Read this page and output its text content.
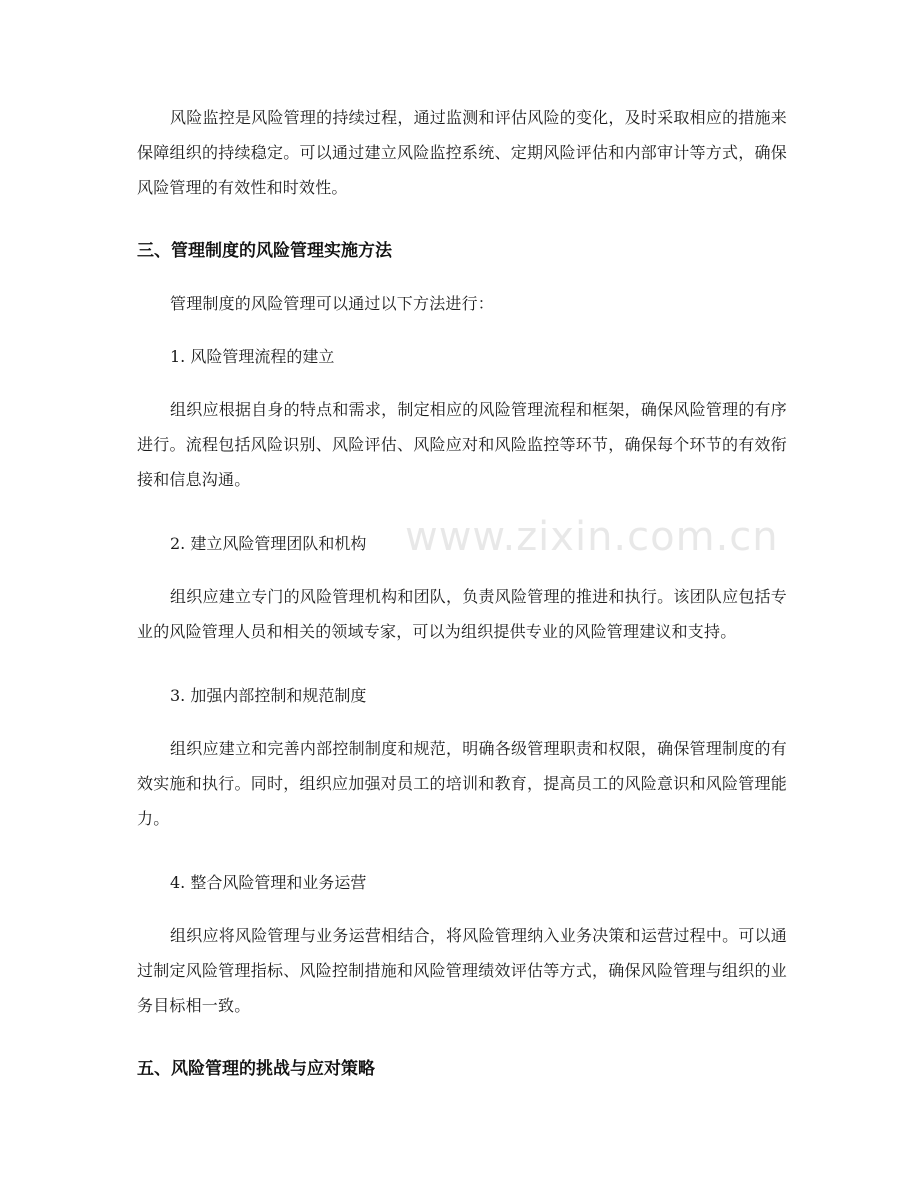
风险监控是风险管理的持续过程，通过监测和评估风险的变化，及时采取相应的措施来保障组织的持续稳定。可以通过建立风险监控系统、定期风险评估和内部审计等方式，确保风险管理的有效性和时效性。

三、管理制度的风险管理实施方法

管理制度的风险管理可以通过以下方法进行：

1. 风险管理流程的建立

组织应根据自身的特点和需求，制定相应的风险管理流程和框架，确保风险管理的有序进行。流程包括风险识别、风险评估、风险应对和风险监控等环节，确保每个环节的有效衔接和信息沟通。

2. 建立风险管理团队和机构

组织应建立专门的风险管理机构和团队，负责风险管理的推进和执行。该团队应包括专业的风险管理人员和相关的领域专家，可以为组织提供专业的风险管理建议和支持。

3. 加强内部控制和规范制度

组织应建立和完善内部控制制度和规范，明确各级管理职责和权限，确保管理制度的有效实施和执行。同时，组织应加强对员工的培训和教育，提高员工的风险意识和风险管理能力。

4. 整合风险管理和业务运营

组织应将风险管理与业务运营相结合，将风险管理纳入业务决策和运营过程中。可以通过制定风险管理指标、风险控制措施和风险管理绩效评估等方式，确保风险管理与组织的业务目标相一致。

五、风险管理的挑战与应对策略
www.zixin.com.cn
